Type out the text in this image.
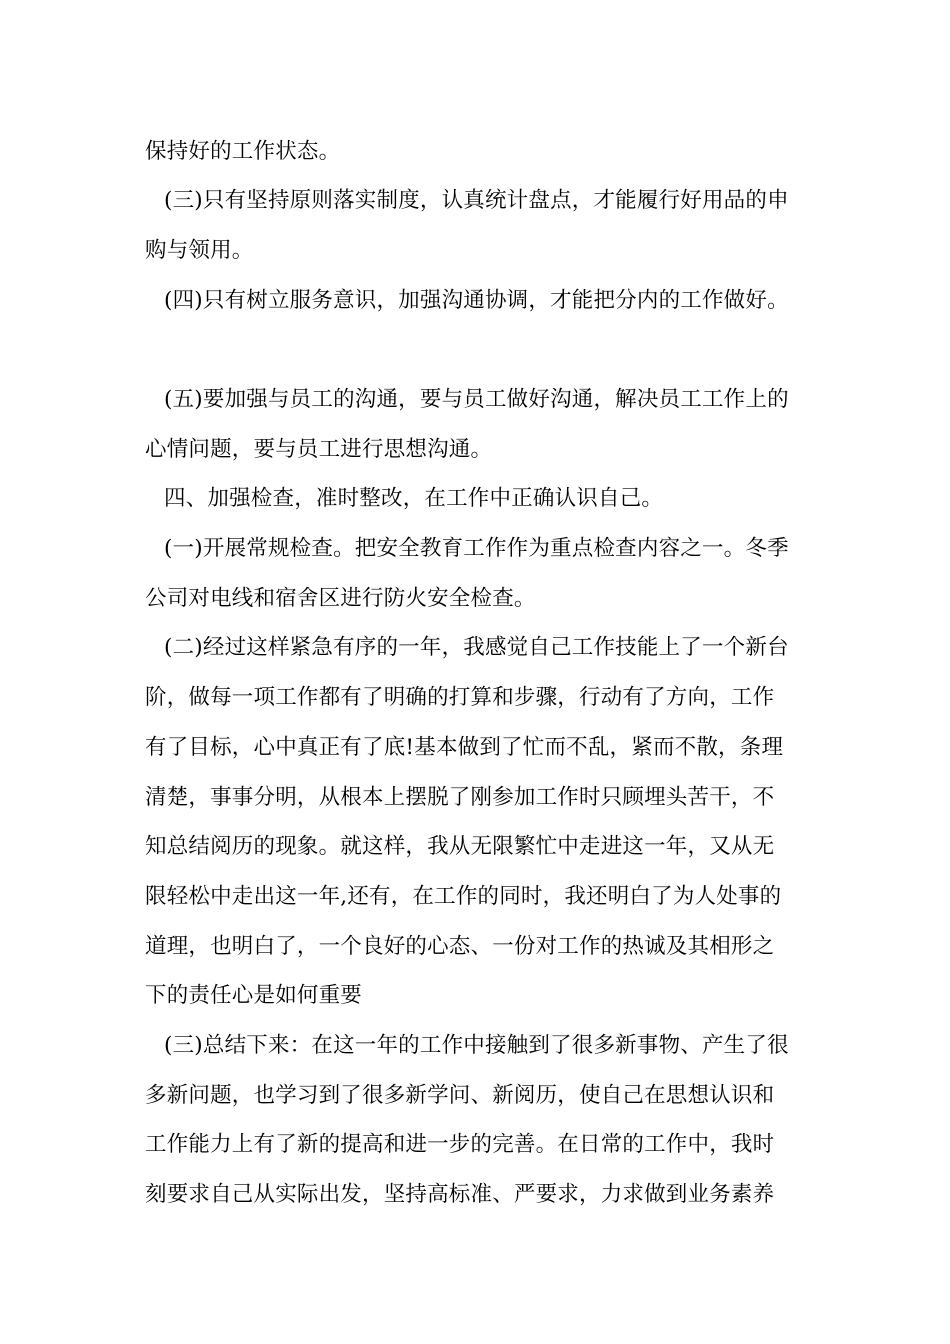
保持好的工作状态。
(三)只有坚持原则落实制度，认真统计盘点，才能履行好用品的申
购与领用。
(四)只有树立服务意识，加强沟通协调，才能把分内的工作做好。
(五)要加强与员工的沟通，要与员工做好沟通，解决员工工作上的
心情问题，要与员工进行思想沟通。
四、加强检查，准时整改，在工作中正确认识自己。
(一)开展常规检查。把安全教育工作作为重点检查内容之一。冬季
公司对电线和宿舍区进行防火安全检查。
(二)经过这样紧急有序的一年，我感觉自己工作技能上了一个新台
阶，做每一项工作都有了明确的打算和步骤，行动有了方向，工作
有了目标，心中真正有了底!基本做到了忙而不乱，紧而不散，条理
清楚，事事分明，从根本上摆脱了刚参加工作时只顾埋头苦干，不
知总结阅历的现象。就这样，我从无限繁忙中走进这一年，又从无
限轻松中走出这一年,还有，在工作的同时，我还明白了为人处事的
道理，也明白了，一个良好的心态、一份对工作的热诚及其相形之
下的责任心是如何重要
(三)总结下来：在这一年的工作中接触到了很多新事物、产生了很
多新问题，也学习到了很多新学问、新阅历，使自己在思想认识和
工作能力上有了新的提高和进一步的完善。在日常的工作中，我时
刻要求自己从实际出发，坚持高标准、严要求，力求做到业务素养
